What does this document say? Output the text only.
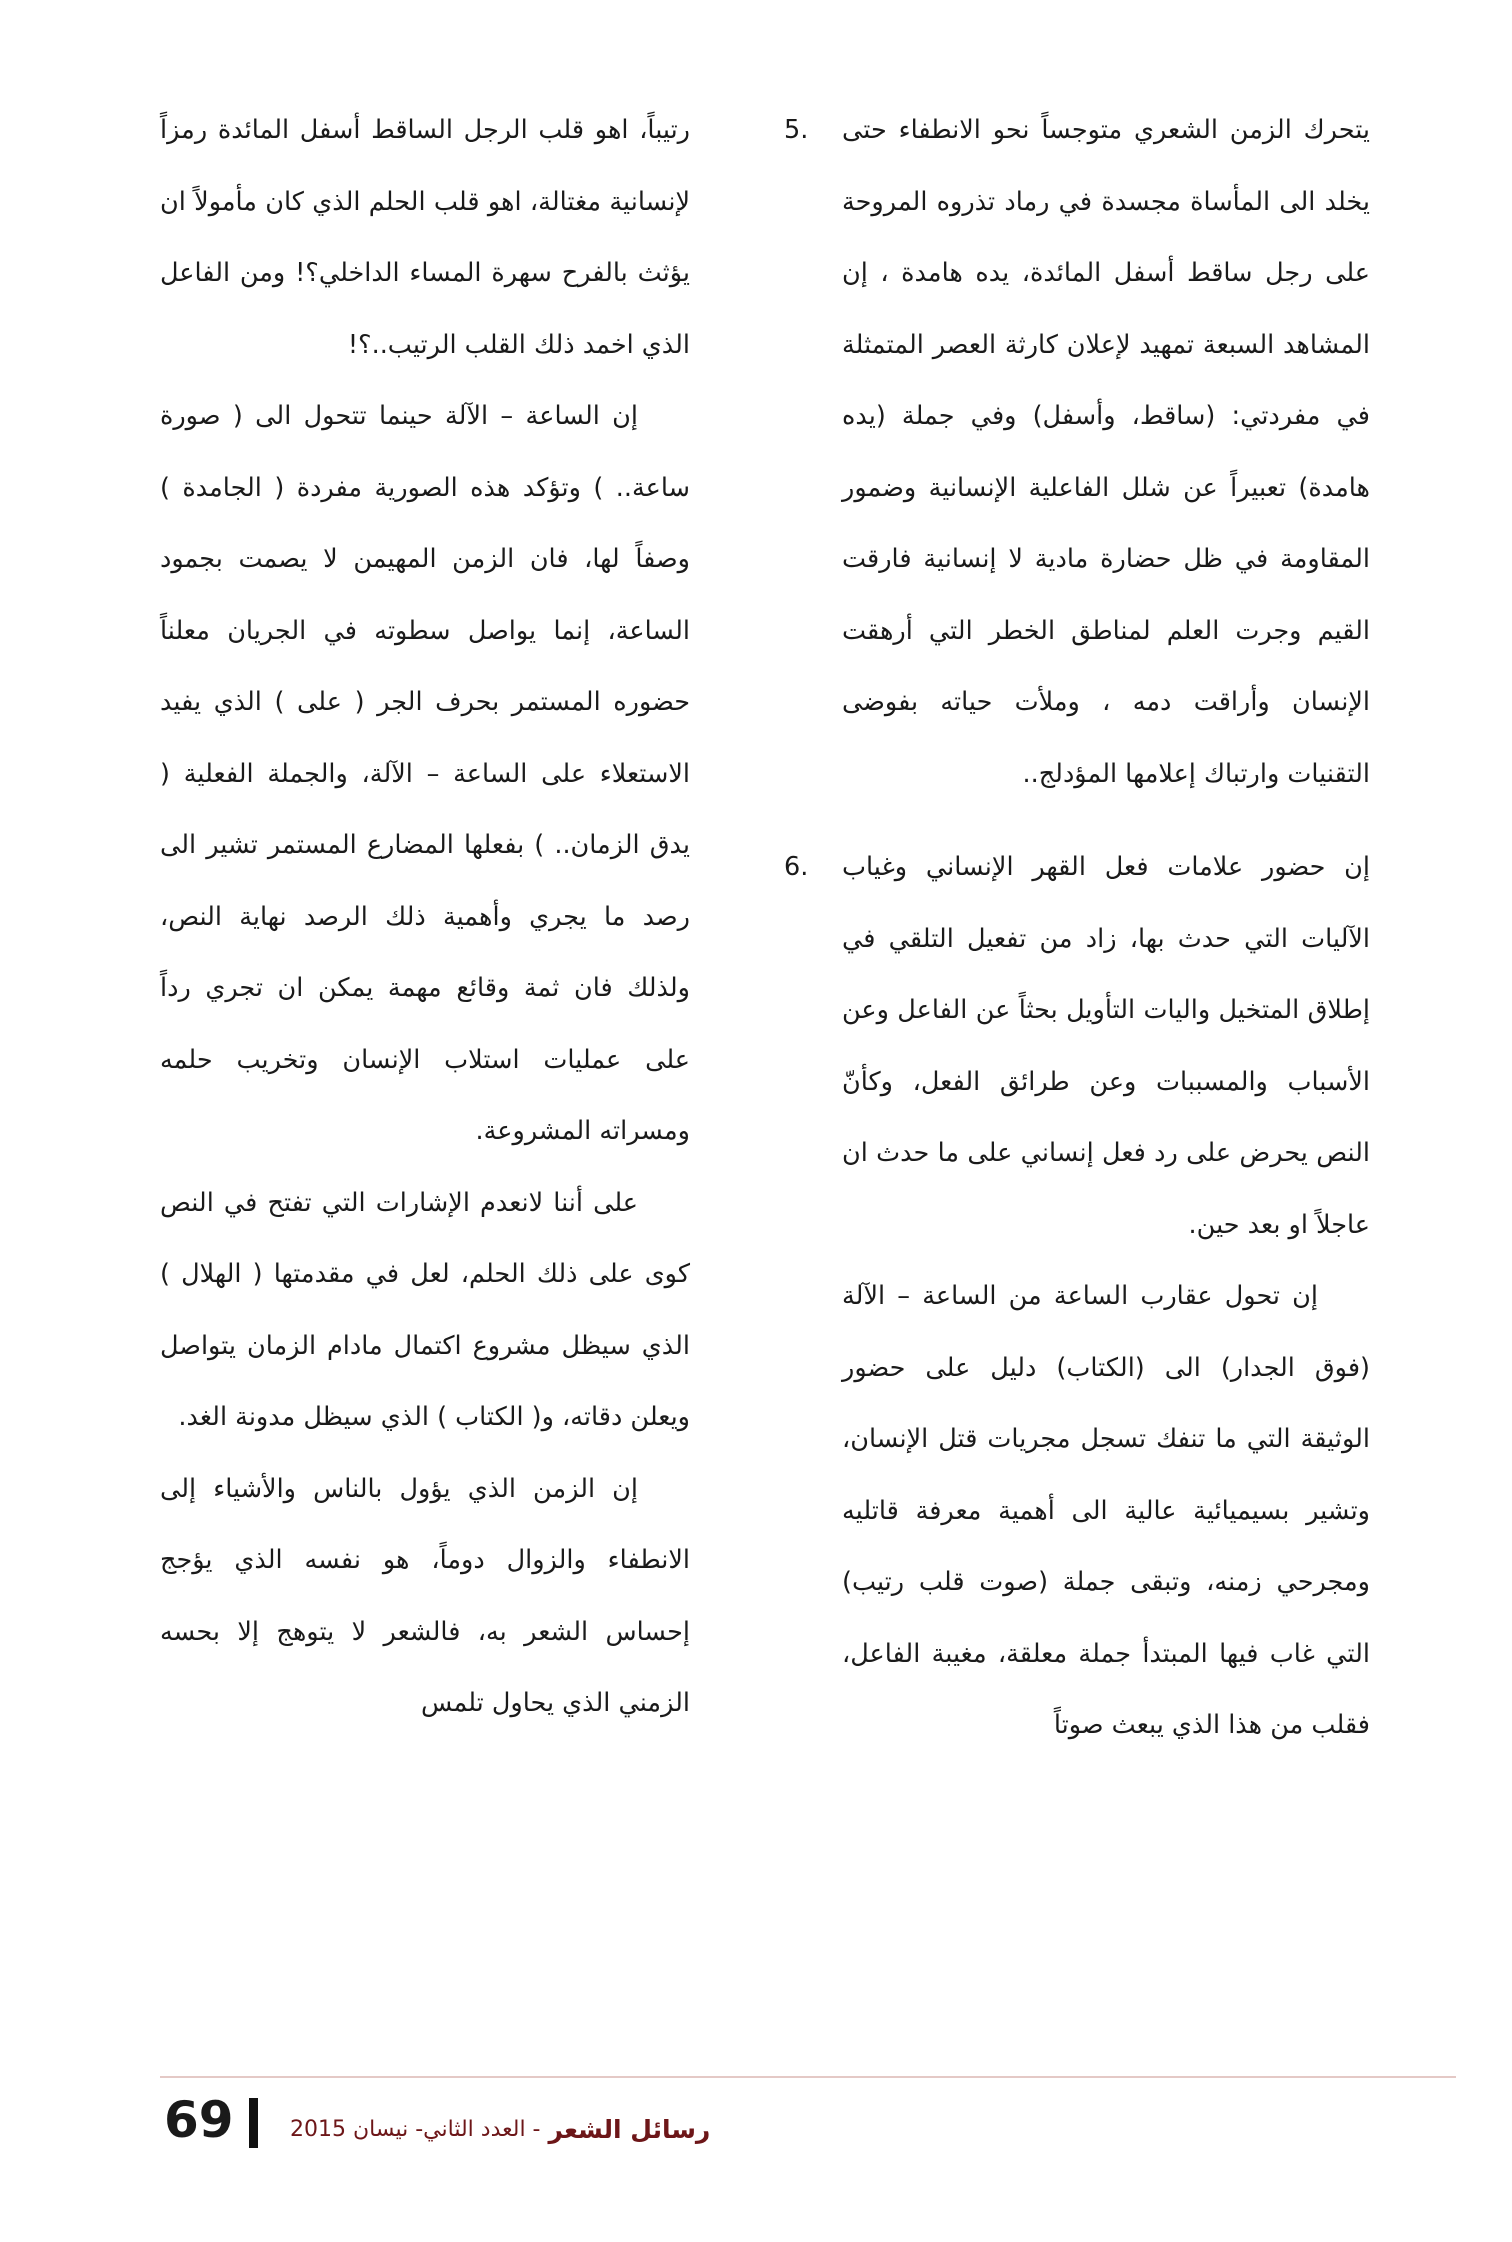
5. يتحرك الزمن الشعري متوجساً نحو الانطفاء حتى يخلد الى المأساة مجسدة في رماد تذروه المروحة على رجل ساقط أسفل المائدة، يده هامدة ، إن المشاهد السبعة تمهيد لإعلان كارثة العصر المتمثلة في مفردتي: (ساقط، وأسفل) وفي جملة (يده هامدة) تعبيراً عن شلل الفاعلية الإنسانية وضمور المقاومة في ظل حضارة مادية لا إنسانية فارقت القيم وجرت العلم لمناطق الخطر التي أرهقت الإنسان وأراقت دمه ، وملأت حياته بفوضى التقنيات وارتباك إعلامها المؤدلج..

6. إن حضور علامات فعل القهر الإنساني وغياب الآليات التي حدث بها، زاد من تفعيل التلقي في إطلاق المتخيل واليات التأويل بحثاً عن الفاعل وعن الأسباب والمسببات وعن طرائق الفعل، وكأنّ النص يحرض على رد فعل إنساني على ما حدث ان عاجلاً او بعد حين.

إن تحول عقارب الساعة من الساعة – الآلة (فوق الجدار) الى (الكتاب) دليل على حضور الوثيقة التي ما تنفك تسجل مجريات قتل الإنسان، وتشير بسيميائية عالية الى أهمية معرفة قاتليه ومجرحي زمنه، وتبقى جملة (صوت قلب رتيب) التي غاب فيها المبتدأ جملة معلقة، مغيبة الفاعل، فقلب من هذا الذي يبعث صوتاً

رتيباً، اهو قلب الرجل الساقط أسفل المائدة رمزاً لإنسانية مغتالة، اهو قلب الحلم الذي كان مأمولاً ان يؤثث بالفرح سهرة المساء الداخلي؟! ومن الفاعل الذي اخمد ذلك القلب الرتيب..؟!

إن الساعة – الآلة حينما تتحول الى ( صورة ساعة.. ) وتؤكد هذه الصورية مفردة ( الجامدة ) وصفاً لها، فان الزمن المهيمن لا يصمت بجمود الساعة، إنما يواصل سطوته في الجريان معلناً حضوره المستمر بحرف الجر ( على ) الذي يفيد الاستعلاء على الساعة – الآلة، والجملة الفعلية ( يدق الزمان.. ) بفعلها المضارع المستمر تشير الى رصد ما يجري وأهمية ذلك الرصد نهاية النص، ولذلك فان ثمة وقائع مهمة يمكن ان تجري رداً على عمليات استلاب الإنسان وتخريب حلمه ومسراته المشروعة.

على أننا لانعدم الإشارات التي تفتح في النص كوى على ذلك الحلم، لعل في مقدمتها ( الهلال ) الذي سيظل مشروع اكتمال مادام الزمان يتواصل ويعلن دقاته، و( الكتاب ) الذي سيظل مدونة الغد.

إن الزمن الذي يؤول بالناس والأشياء إلى الانطفاء والزوال دوماً، هو نفسه الذي يؤجج إحساس الشعر به، فالشعر لا يتوهج إلا بحسه الزمني الذي يحاول تلمس

69	رسائل الشعر
- العدد الثاني- نيسان 2015
